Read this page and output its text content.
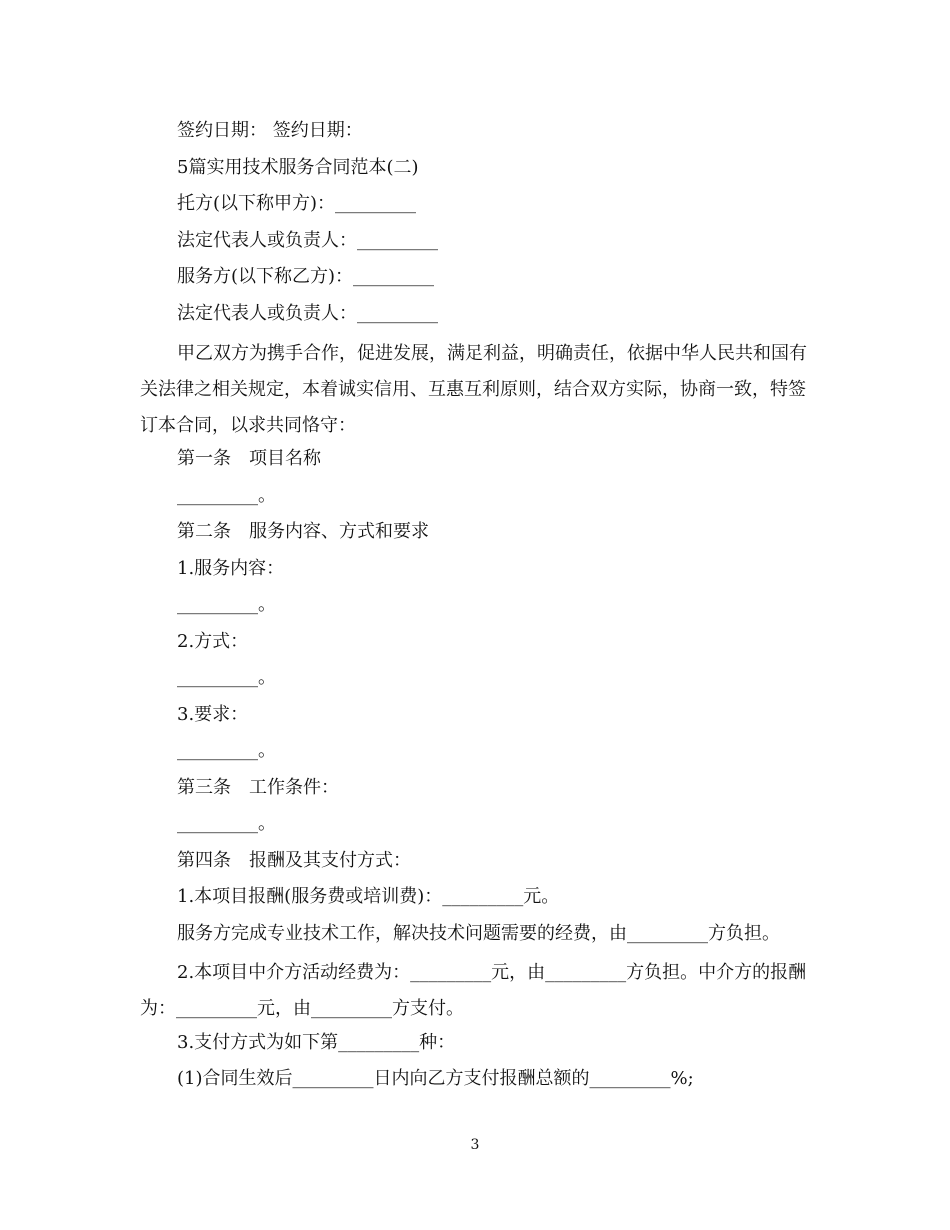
签约日期： 签约日期：
5篇实用技术服务合同范本(二)
托方(以下称甲方)：_________
法定代表人或负责人：_________
服务方(以下称乙方)：_________
法定代表人或负责人：_________
甲乙双方为携手合作，促进发展，满足利益，明确责任，依据中华人民共和国有关法律之相关规定，本着诚实信用、互惠互利原则，结合双方实际，协商一致，特签订本合同，以求共同恪守：
第一条　项目名称
_________。
第二条　服务内容、方式和要求
1.服务内容：
_________。
2.方式：
_________。
3.要求：
_________。
第三条　工作条件：
_________。
第四条　报酬及其支付方式：
1.本项目报酬(服务费或培训费)：_________元。
服务方完成专业技术工作，解决技术问题需要的经费，由_________方负担。
2.本项目中介方活动经费为：_________元，由_________方负担。中介方的报酬为：_________元，由_________方支付。
3.支付方式为如下第_________种：
(1)合同生效后_________日内向乙方支付报酬总额的_________%;
3
